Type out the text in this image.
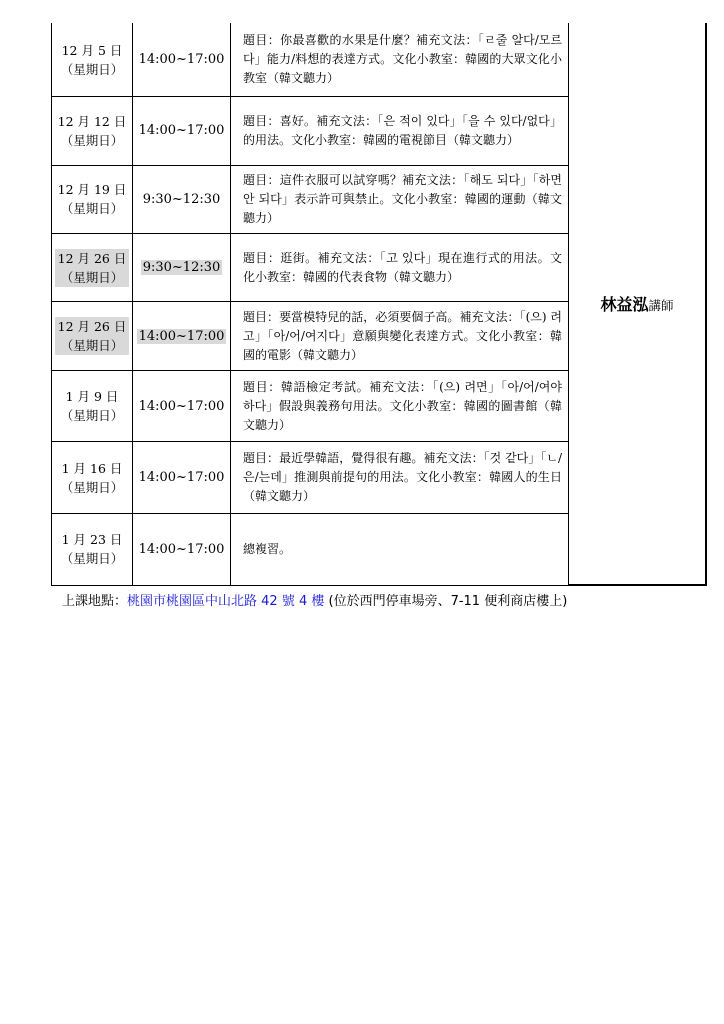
12 月 5 日
（星期日）	14:00~17:00	題目：你最喜歡的水果是什麼？補充文法：「ㄹ줄 알다/모르다」能力/料想的表達方式。文化小教室：韓國的大眾文化小教室（韓文聽力）	林益泓講師

12 月 12 日
（星期日）	14:00~17:00	題目：喜好。補充文法：「은 적이 있다」「을 수 있다/없다」的用法。文化小教室：韓國的電視節目（韓文聽力）	

12 月 19 日
（星期日）	9:30~12:30	題目：這件衣服可以試穿嗎？補充文法：「해도 되다」「하면 안 되다」表示許可與禁止。文化小教室：韓國的運動（韓文聽力）	

12 月 26 日
（星期日）	9:30~12:30	題目：逛街。補充文法：「고 있다」現在進行式的用法。文化小教室：韓國的代表食物（韓文聽力）	

12 月 26 日
（星期日）	14:00~17:00	題目：要當模特兒的話，必須要個子高。補充文法：「(으) 려고」「아/어/여지다」意願與變化表達方式。文化小教室：韓國的電影（韓文聽力）	

1 月 9 日
（星期日）	14:00~17:00	題目：韓語檢定考試。補充文法：「(으) 려면」「아/어/여야 하다」假設與義務句用法。文化小教室：韓國的圖書館（韓文聽力）	

1 月 16 日
（星期日）	14:00~17:00	題目：最近學韓語，覺得很有趣。補充文法：「것 같다」「ㄴ/은/는데」推測與前提句的用法。文化小教室：韓國人的生日（韓文聽力）	

1 月 23 日
（星期日）	14:00~17:00	總複習。	
上課地點：桃園市桃園區中山北路 42 號 4 樓 (位於西門停車場旁、7-11 便利商店樓上)
